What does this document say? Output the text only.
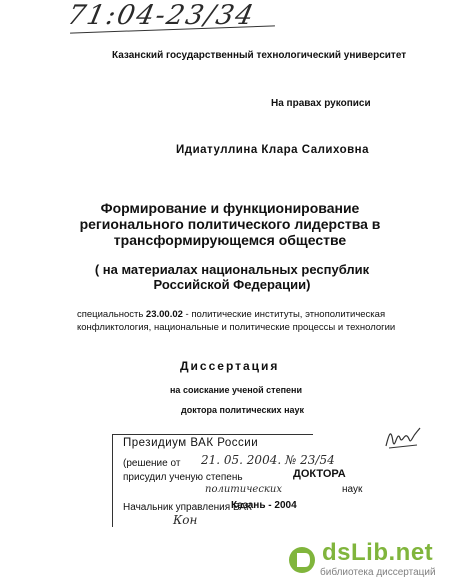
71:04-23/34
Казанский государственный технологический университет
На правах рукописи
Идиатуллина Клара Салиховна
Формирование и функционирование
регионального политического лидерства в
трансформирующемся обществе
( на материалах национальных республик
Российской Федерации)
специальность 23.00.02 - политические институты, этнополитическая
конфликтология, национальные и политические процессы и технологии
Диссертация
на соискание ученой степени
доктора политических наук
Президиум ВАК России
(решение от 21. 05. 2004. № 23/54
присудил ученую степень	ДОКТОРА
политических	наук
Начальник управления ВАК
Кон
Казань - 2004
dsLib.net
библиотека диссертаций
